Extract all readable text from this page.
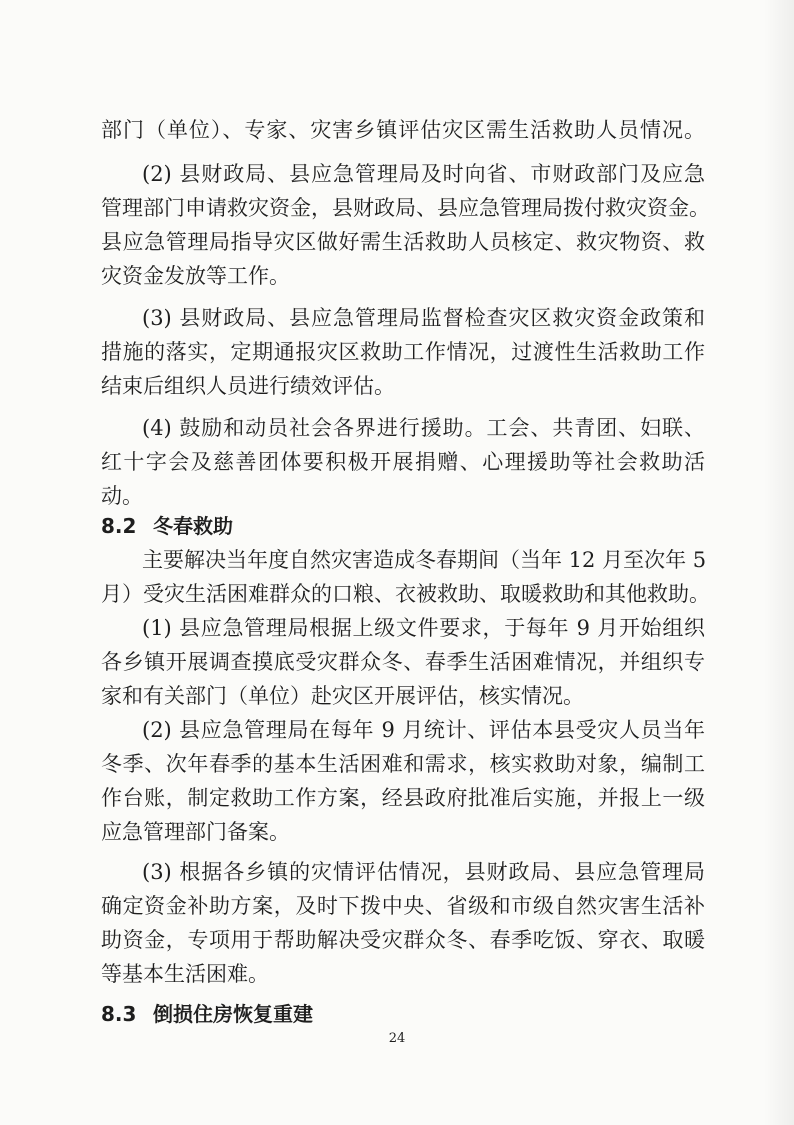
部门（单位）、专家、灾害乡镇评估灾区需生活救助人员情况。
(2) 县财政局、县应急管理局及时向省、市财政部门及应急
管理部门申请救灾资金，县财政局、县应急管理局拨付救灾资金。
县应急管理局指导灾区做好需生活救助人员核定、救灾物资、救
灾资金发放等工作。
(3) 县财政局、县应急管理局监督检查灾区救灾资金政策和
措施的落实，定期通报灾区救助工作情况，过渡性生活救助工作
结束后组织人员进行绩效评估。
(4) 鼓励和动员社会各界进行援助。工会、共青团、妇联、
红十字会及慈善团体要积极开展捐赠、心理援助等社会救助活
动。
8.2 冬春救助
主要解决当年度自然灾害造成冬春期间（当年 12 月至次年 5
月）受灾生活困难群众的口粮、衣被救助、取暖救助和其他救助。
(1) 县应急管理局根据上级文件要求，于每年 9 月开始组织
各乡镇开展调查摸底受灾群众冬、春季生活困难情况，并组织专
家和有关部门（单位）赴灾区开展评估，核实情况。
(2) 县应急管理局在每年 9 月统计、评估本县受灾人员当年
冬季、次年春季的基本生活困难和需求，核实救助对象，编制工
作台账，制定救助工作方案，经县政府批准后实施，并报上一级
应急管理部门备案。
(3) 根据各乡镇的灾情评估情况，县财政局、县应急管理局
确定资金补助方案，及时下拨中央、省级和市级自然灾害生活补
助资金，专项用于帮助解决受灾群众冬、春季吃饭、穿衣、取暖
等基本生活困难。
8.3 倒损住房恢复重建
24
